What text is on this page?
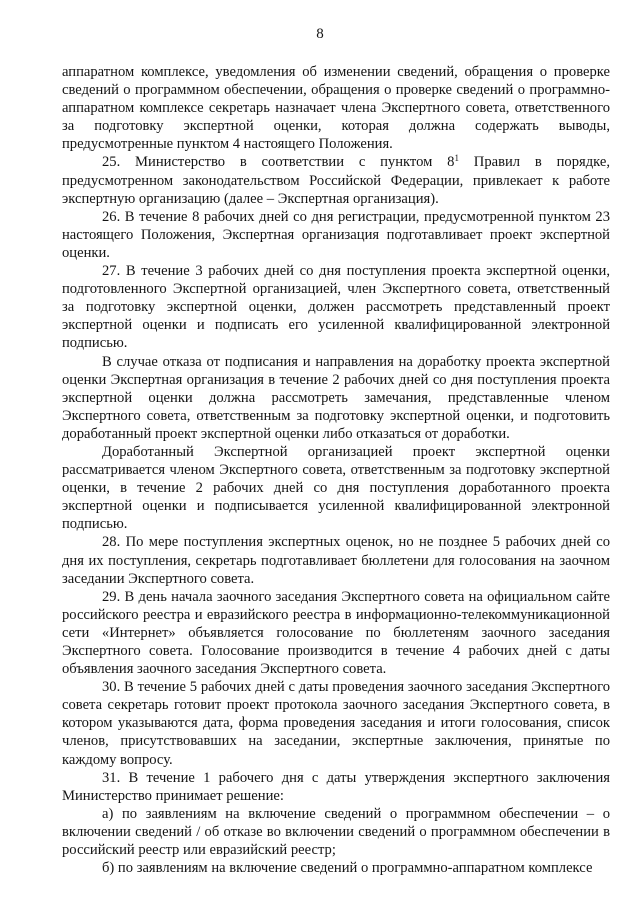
8

аппаратном комплексе, уведомления об изменении сведений, обращения о проверке сведений о программном обеспечении, обращения о проверке сведений о программно-аппаратном комплексе секретарь назначает члена Экспертного совета, ответственного за подготовку экспертной оценки, которая должна содержать выводы, предусмотренные пунктом 4 настоящего Положения.

25. Министерство в соответствии с пунктом $8^1$ Правил в порядке, предусмотренном законодательством Российской Федерации, привлекает к работе экспертную организацию (далее – Экспертная организация).

26. В течение 8 рабочих дней со дня регистрации, предусмотренной пунктом 23 настоящего Положения, Экспертная организация подготавливает проект экспертной оценки.

27. В течение 3 рабочих дней со дня поступления проекта экспертной оценки, подготовленного Экспертной организацией, член Экспертного совета, ответственный за подготовку экспертной оценки, должен рассмотреть представленный проект экспертной оценки и подписать его усиленной квалифицированной электронной подписью.

В случае отказа от подписания и направления на доработку проекта экспертной оценки Экспертная организация в течение 2 рабочих дней со дня поступления проекта экспертной оценки должна рассмотреть замечания, представленные членом Экспертного совета, ответственным за подготовку экспертной оценки, и подготовить доработанный проект экспертной оценки либо отказаться от доработки.

Доработанный Экспертной организацией проект экспертной оценки рассматривается членом Экспертного совета, ответственным за подготовку экспертной оценки, в течение 2 рабочих дней со дня поступления доработанного проекта экспертной оценки и подписывается усиленной квалифицированной электронной подписью.

28. По мере поступления экспертных оценок, но не позднее 5 рабочих дней со дня их поступления, секретарь подготавливает бюллетени для голосования на заочном заседании Экспертного совета.

29. В день начала заочного заседания Экспертного совета на официальном сайте российского реестра и евразийского реестра в информационно-телекоммуникационной сети «Интернет» объявляется голосование по бюллетеням заочного заседания Экспертного совета. Голосование производится в течение 4 рабочих дней с даты объявления заочного заседания Экспертного совета.

30. В течение 5 рабочих дней с даты проведения заочного заседания Экспертного совета секретарь готовит проект протокола заочного заседания Экспертного совета, в котором указываются дата, форма проведения заседания и итоги голосования, список членов, присутствовавших на заседании, экспертные заключения, принятые по каждому вопросу.

31. В течение 1 рабочего дня с даты утверждения экспертного заключения Министерство принимает решение:

а) по заявлениям на включение сведений о программном обеспечении – о включении сведений / об отказе во включении сведений о программном обеспечении в российский реестр или евразийский реестр;

б) по заявлениям на включение сведений о программно-аппаратном комплексе
